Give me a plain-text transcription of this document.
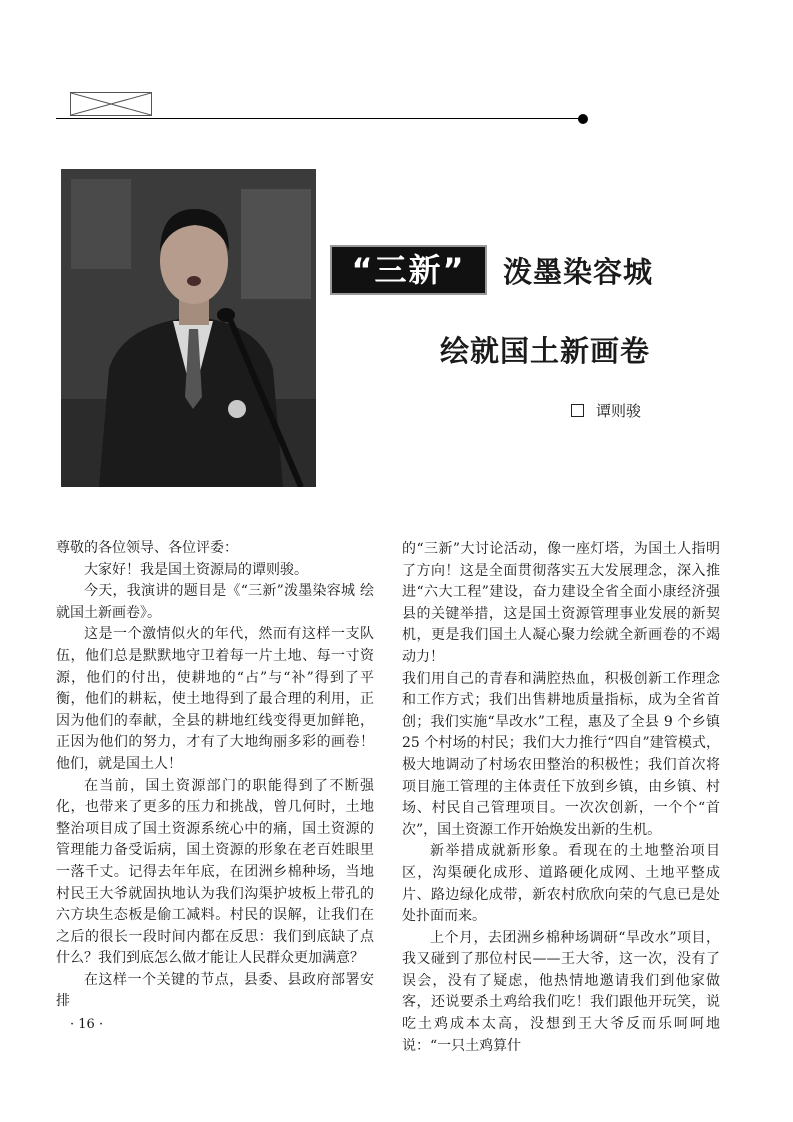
“三新”	泼墨染容城
绘就国土新画卷
谭则骏

尊敬的各位领导、各位评委：

大家好！我是国土资源局的谭则骏。

今天，我演讲的题目是《“三新”泼墨染容城 绘就国土新画卷》。

这是一个激情似火的年代，然而有这样一支队伍，他们总是默默地守卫着每一片土地、每一寸资源，他们的付出，使耕地的“占”与“补”得到了平衡，他们的耕耘，使土地得到了最合理的利用，正因为他们的奉献，全县的耕地红线变得更加鲜艳，正因为他们的努力，才有了大地绚丽多彩的画卷！他们，就是国土人！

在当前，国土资源部门的职能得到了不断强化，也带来了更多的压力和挑战，曾几何时，土地整治项目成了国土资源系统心中的痛，国土资源的管理能力备受诟病，国土资源的形象在老百姓眼里一落千丈。记得去年年底，在团洲乡棉种场，当地村民王大爷就固执地认为我们沟渠护坡板上带孔的六方块生态板是偷工减料。村民的误解，让我们在之后的很长一段时间内都在反思：我们到底缺了点什么？我们到底怎么做才能让人民群众更加满意？

在这样一个关键的节点，县委、县政府部署安排

的“三新”大讨论活动，像一座灯塔，为国土人指明了方向！这是全面贯彻落实五大发展理念，深入推进“六大工程”建设，奋力建设全省全面小康经济强县的关键举措，这是国土资源管理事业发展的新契机，更是我们国土人凝心聚力绘就全新画卷的不竭动力！

我们用自己的青春和满腔热血，积极创新工作理念和工作方式；我们出售耕地质量指标，成为全省首创；我们实施“旱改水”工程，惠及了全县 9 个乡镇 25 个村场的村民；我们大力推行“四自”建管模式，极大地调动了村场农田整治的积极性；我们首次将项目施工管理的主体责任下放到乡镇，由乡镇、村场、村民自己管理项目。一次次创新，一个个“首次”，国土资源工作开始焕发出新的生机。

新举措成就新形象。看现在的土地整治项目区，沟渠硬化成形、道路硬化成网、土地平整成片、路边绿化成带，新农村欣欣向荣的气息已是处处扑面而来。

上个月，去团洲乡棉种场调研“旱改水”项目，我又碰到了那位村民——王大爷，这一次，没有了误会，没有了疑虑，他热情地邀请我们到他家做客，还说要杀土鸡给我们吃！我们跟他开玩笑，说吃土鸡成本太高，没想到王大爷反而乐呵呵地说：“一只土鸡算什

· 16 ·
